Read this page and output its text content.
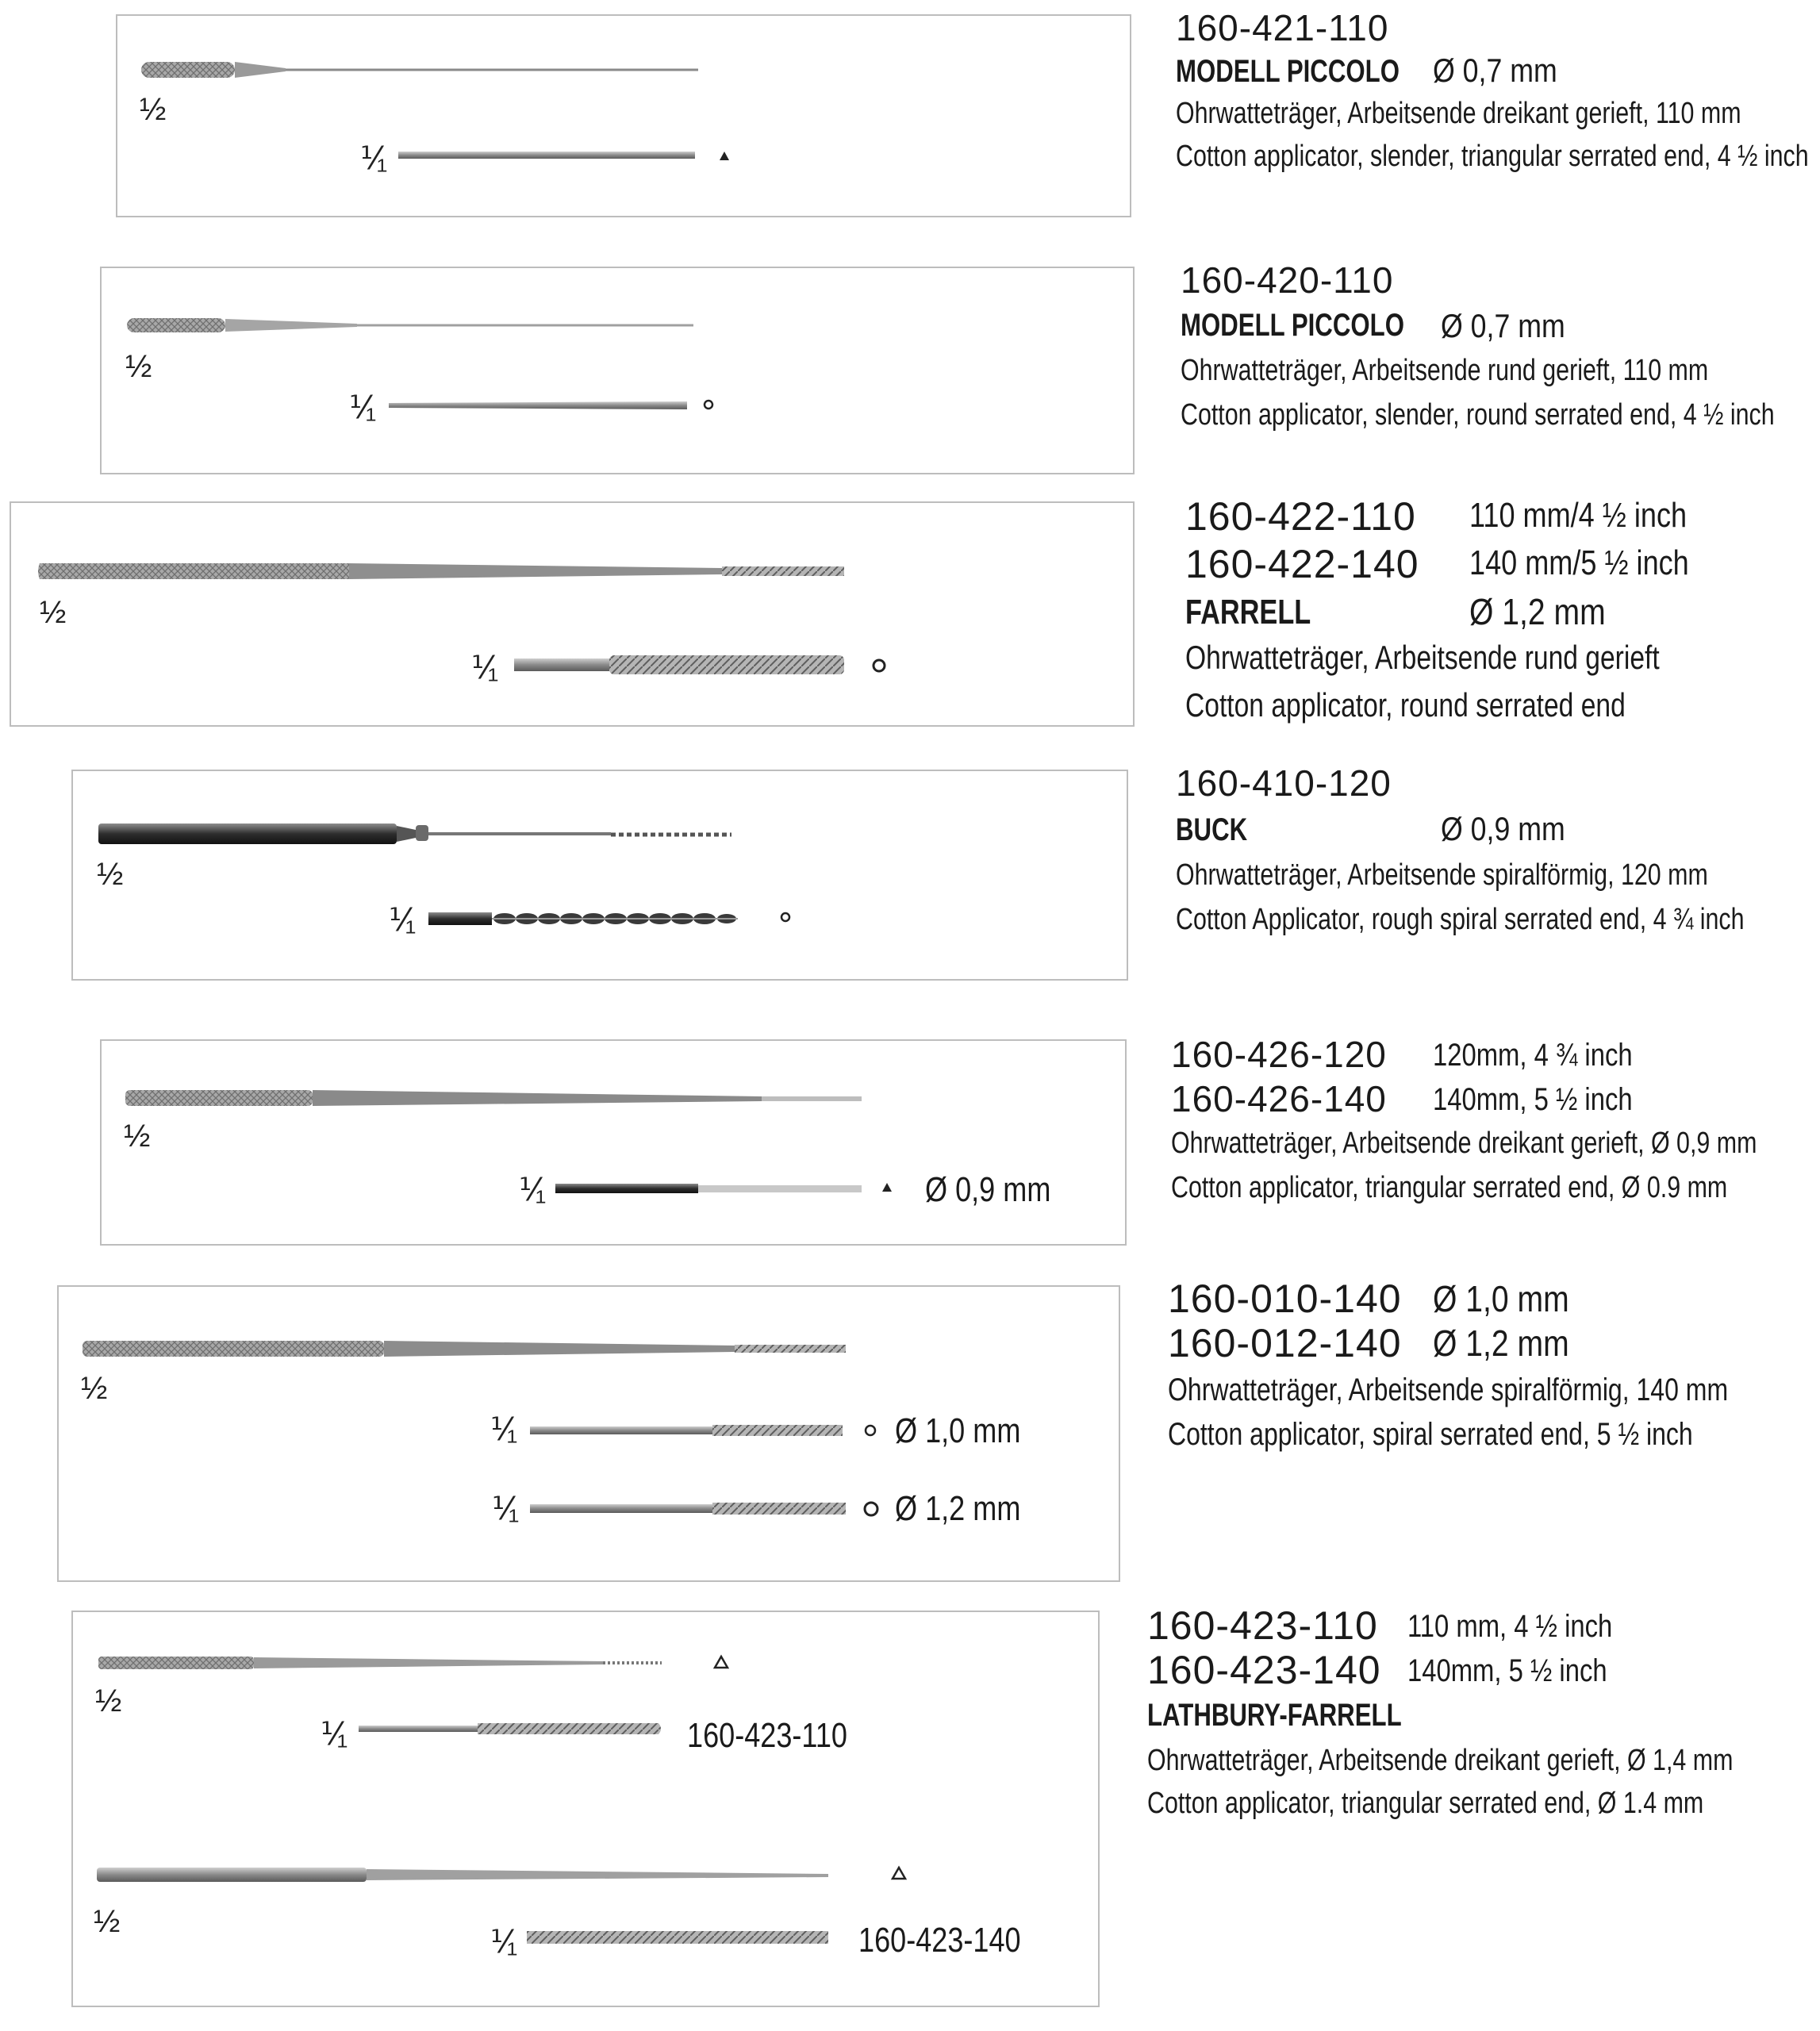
½
⅟₁
160-421-110
MODELL PICCOLO Ø 0,7 mm
Ohrwatteträger, Arbeitsende dreikant gerieft, 110 mm
Cotton applicator, slender, triangular serrated end, 4 ½ inch
½
⅟₁
160-420-110
MODELL PICCOLO Ø 0,7 mm
Ohrwatteträger, Arbeitsende rund gerieft, 110 mm
Cotton applicator, slender, round serrated end, 4 ½ inch
½
⅟₁
160-422-110 110 mm/4 ½ inch
160-422-140 140 mm/5 ½ inch
FARRELL	Ø 1,2 mm
Ohrwatteträger, Arbeitsende rund gerieft
Cotton applicator, round serrated end
½
⅟₁
160-410-120
BUCK	Ø 0,9 mm
Ohrwatteträger, Arbeitsende spiralförmig, 120 mm
Cotton Applicator, rough spiral serrated end, 4 ¾ inch
½
⅟₁	Ø 0,9 mm
160-426-120 120mm, 4 ¾ inch
160-426-140 140mm, 5 ½ inch
Ohrwatteträger, Arbeitsende dreikant gerieft, Ø 0,9 mm
Cotton applicator, triangular serrated end, Ø 0.9 mm
½
⅟₁
⅟₁
Ø 1,0 mm
Ø 1,2 mm
160-010-140 Ø 1,0 mm
160-012-140 Ø 1,2 mm
Ohrwatteträger, Arbeitsende spiralförmig, 140 mm
Cotton applicator, spiral serrated end, 5 ½ inch
½
⅟₁
½
⅟₁
160-423-110
160-423-140
160-423-110 110 mm, 4 ½ inch
160-423-140 140mm, 5 ½ inch
LATHBURY-FARRELL
Ohrwatteträger, Arbeitsende dreikant gerieft, Ø 1,4 mm
Cotton applicator, triangular serrated end, Ø 1.4 mm
